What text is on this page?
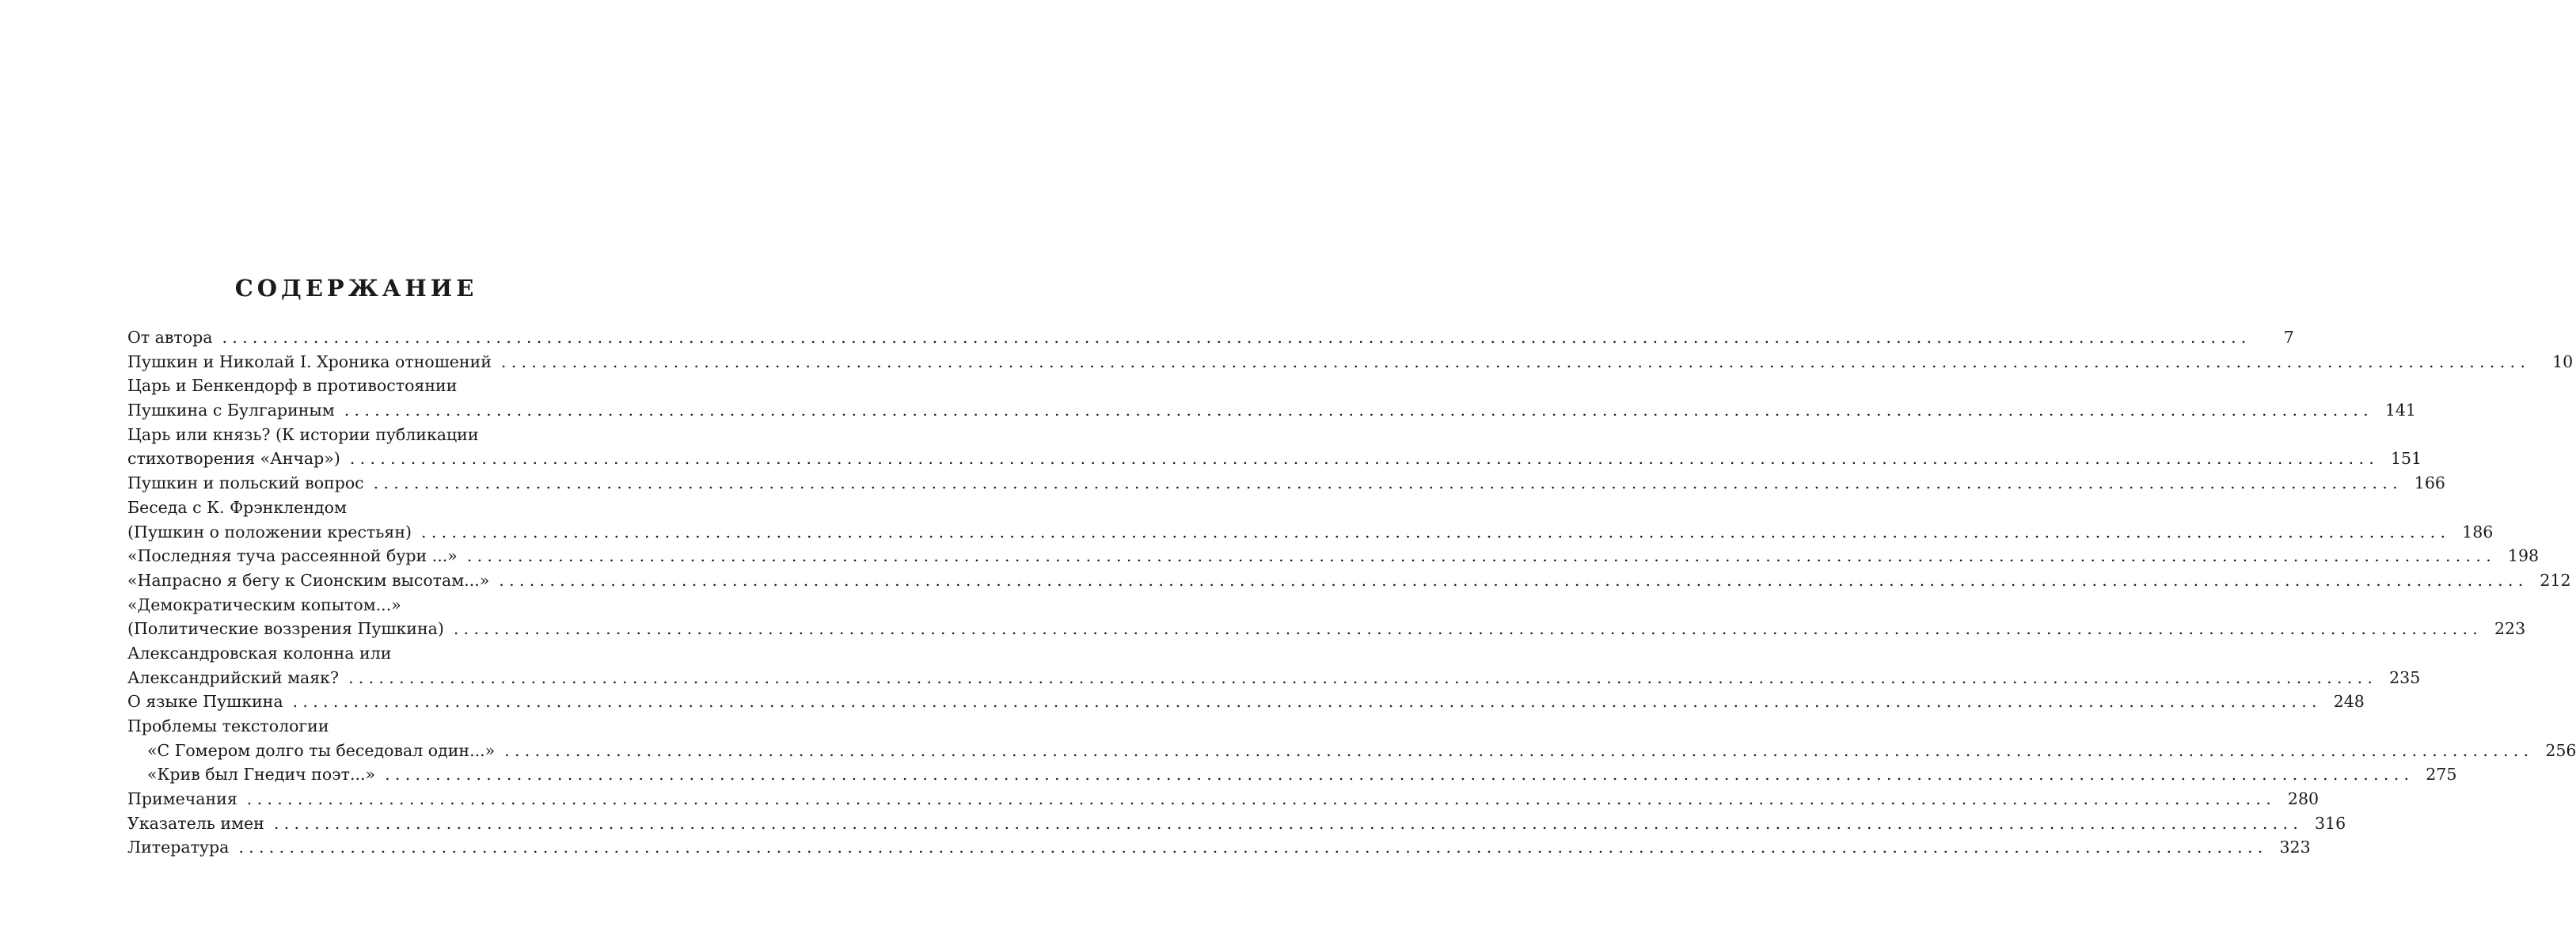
СОДЕРЖАНИЕ
От автора ........................................................................................................................................................................................................	7
Пушкин и Николай I. Хроника отношений ........................................................................................................................................................................................................	10
Царь и Бенкендорф в противостоянии
Пушкина с Булгариным ........................................................................................................................................................................................................ 141
Царь или князь? (К истории публикации
стихотворения «Анчар») ........................................................................................................................................................................................................ 151
Пушкин и польский вопрос ........................................................................................................................................................................................................ 166
Беседа с К. Фрэнклендом
(Пушкин о положении крестьян) ........................................................................................................................................................................................................ 186
«Последняя туча рассеянной бури ...» ........................................................................................................................................................................................................ 198
«Напрасно я бегу к Сионским высотам...» ........................................................................................................................................................................................................ 212
«Демократическим копытом...»
(Политические воззрения Пушкина) ........................................................................................................................................................................................................ 223
Александровская колонна или
Александрийский маяк? ........................................................................................................................................................................................................ 235
О языке Пушкина ........................................................................................................................................................................................................ 248
Проблемы текстологии
«С Гомером долго ты беседовал один...» ........................................................................................................................................................................................................ 256
«Крив был Гнедич поэт...» ........................................................................................................................................................................................................ 275
Примечания ........................................................................................................................................................................................................ 280
Указатель имен ........................................................................................................................................................................................................ 316
Литература ........................................................................................................................................................................................................ 323
